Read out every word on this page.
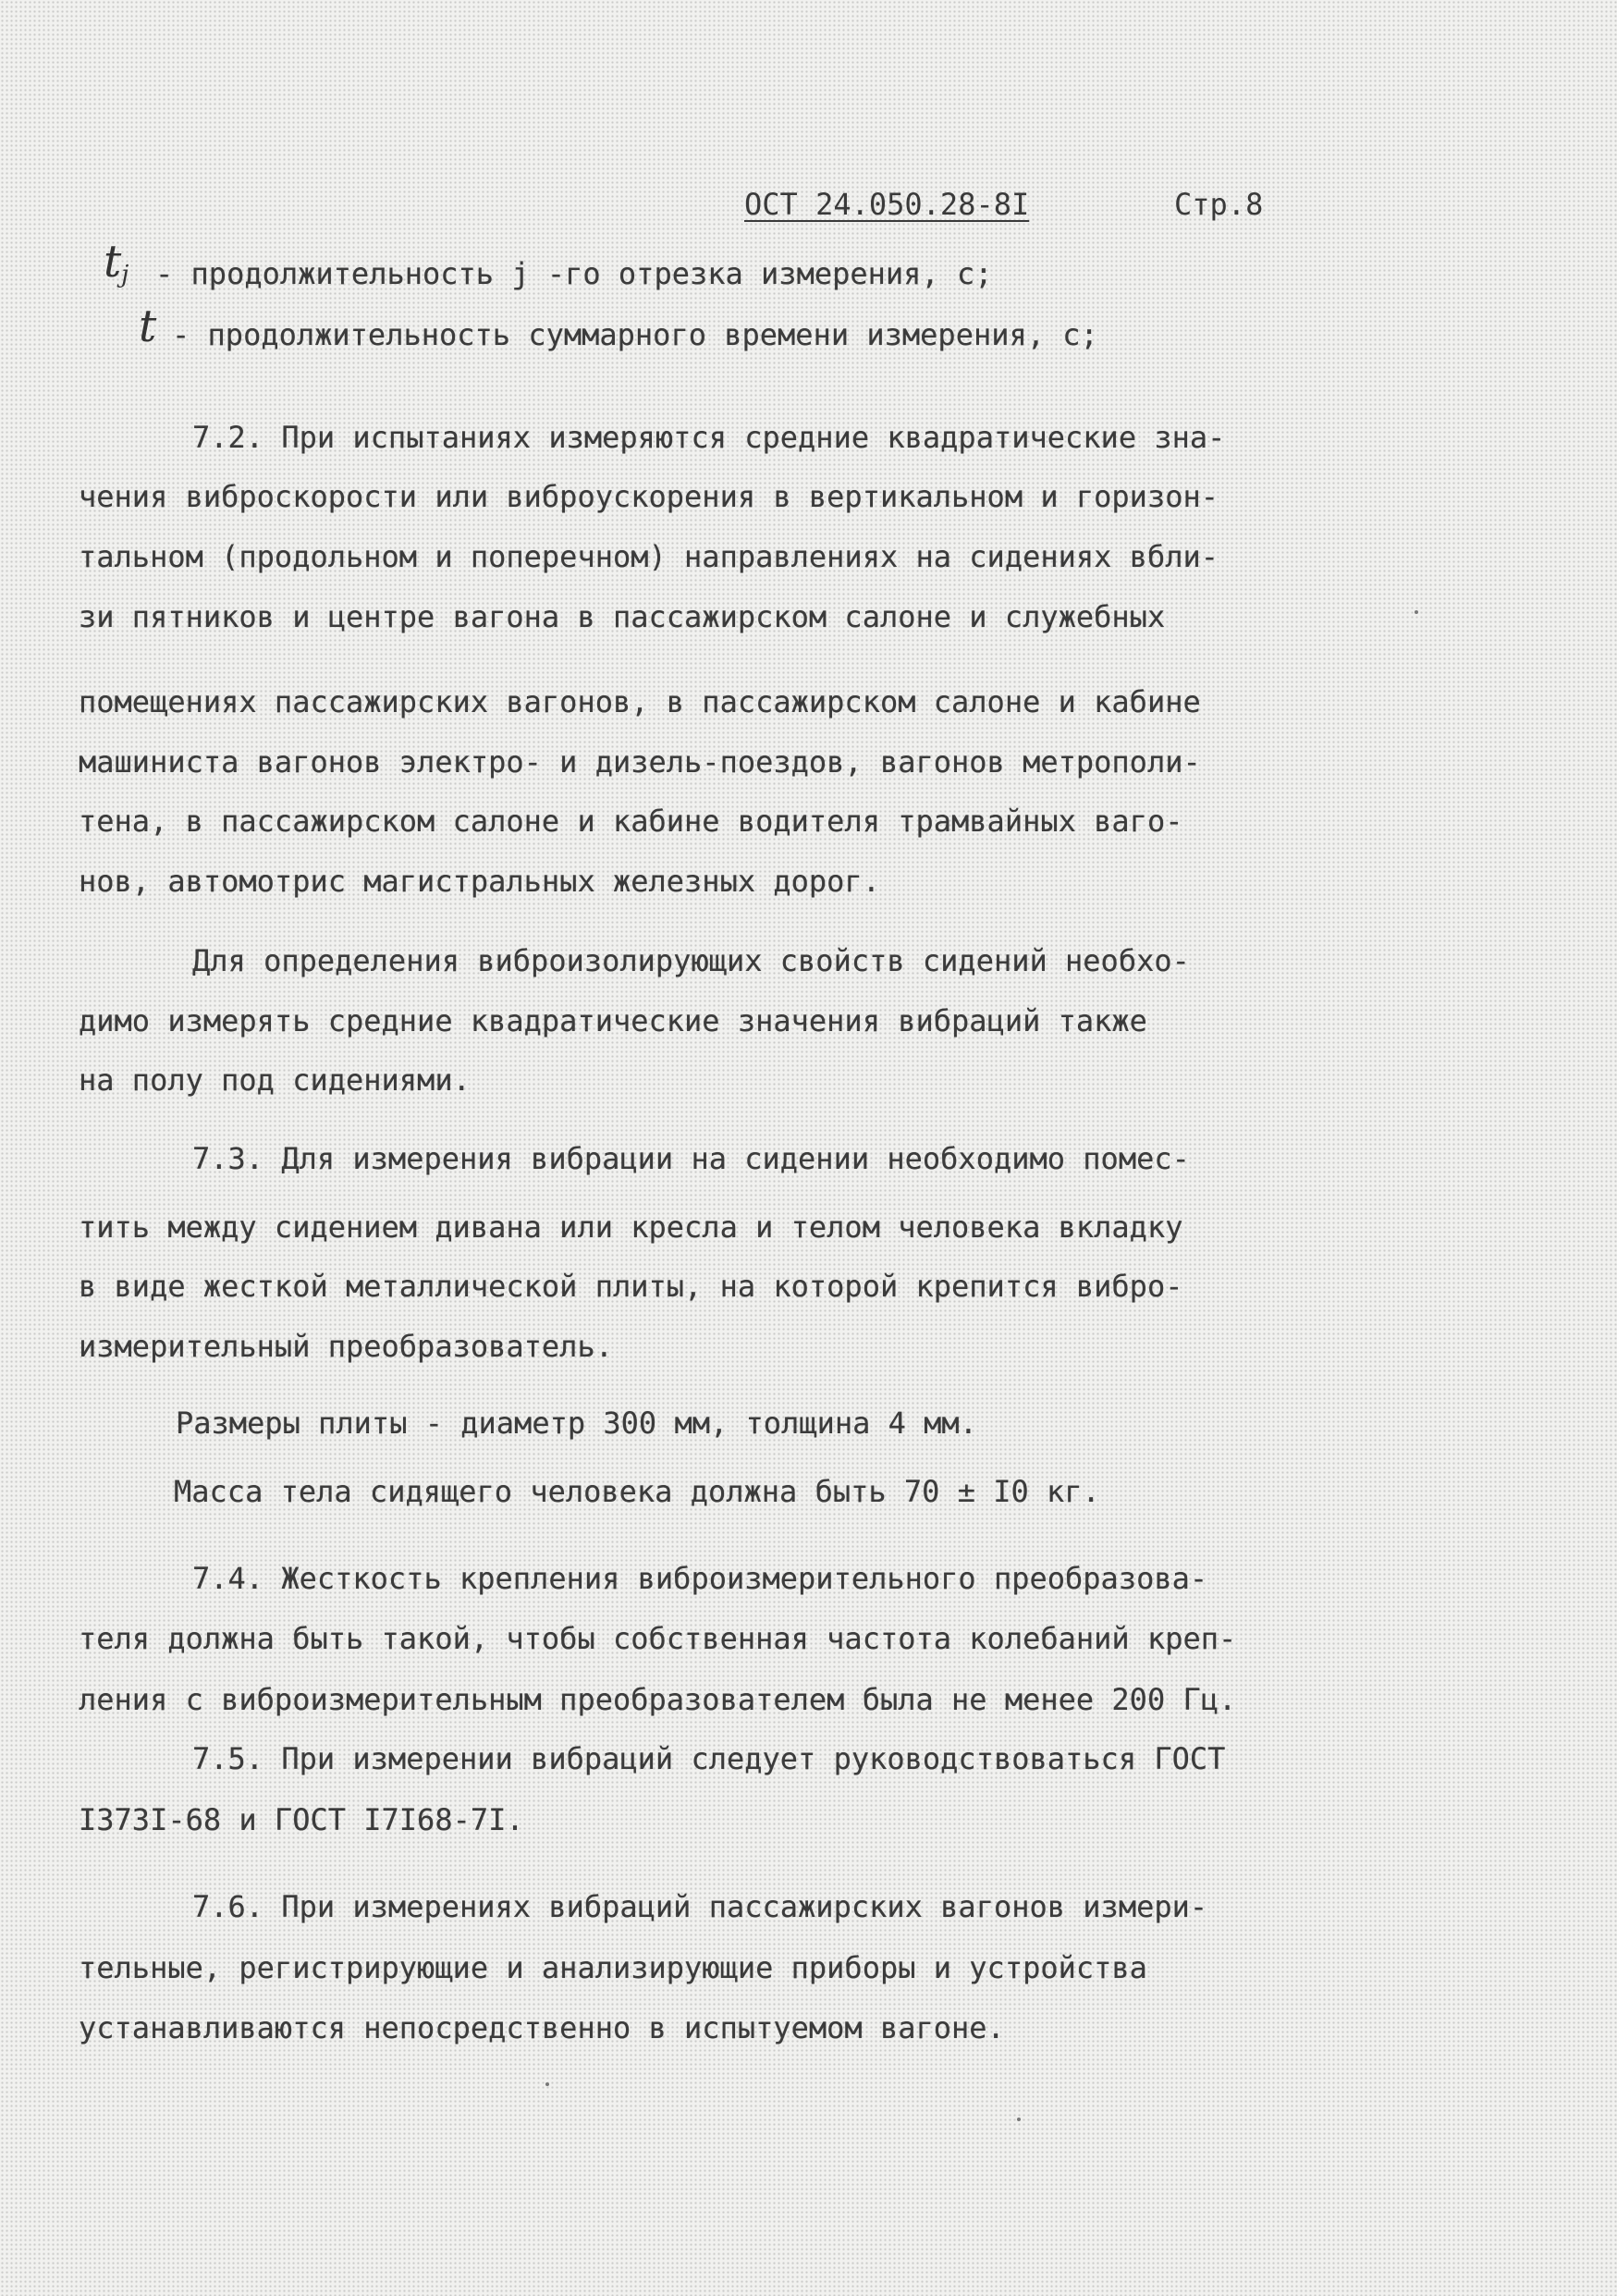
ОСТ 24.050.28-8I	Стр.8
$t_j$ - продолжительность j -го отрезка измерения, с;
t - продолжительность суммарного времени измерения, с;
7.2. При испытаниях измеряются средние квадратические зна-
чения виброскорости или виброускорения в вертикальном и горизон-
тальном (продольном и поперечном) направлениях на сидениях вбли-
зи пятников и центре вагона в пассажирском салоне и служебных
помещениях пассажирских вагонов, в пассажирском салоне и кабине
машиниста вагонов электро- и дизель-поездов, вагонов метрополи-
тена, в пассажирском салоне и кабине водителя трамвайных ваго-
нов, автомотрис магистральных железных дорог.
Для определения виброизолирующих свойств сидений необхо-
димо измерять средние квадратические значения вибраций также
на полу под сидениями.
7.3. Для измерения вибрации на сидении необходимо помес-
тить между сидением дивана или кресла и телом человека вкладку
в виде жесткой металлической плиты, на которой крепится вибро-
измерительный преобразователь.
Размеры плиты - диаметр 300 мм, толщина 4 мм.
Масса тела сидящего человека должна быть 70 ± I0 кг.
7.4. Жесткость крепления виброизмерительного преобразова-
теля должна быть такой, чтобы собственная частота колебаний креп-
ления с виброизмерительным преобразователем была не менее 200 Гц.
7.5. При измерении вибраций следует руководствоваться ГОСТ
I373I-68 и ГОСТ I7I68-7I.
7.6. При измерениях вибраций пассажирских вагонов измери-
тельные, регистрирующие и анализирующие приборы и устройства
устанавливаются непосредственно в испытуемом вагоне.
